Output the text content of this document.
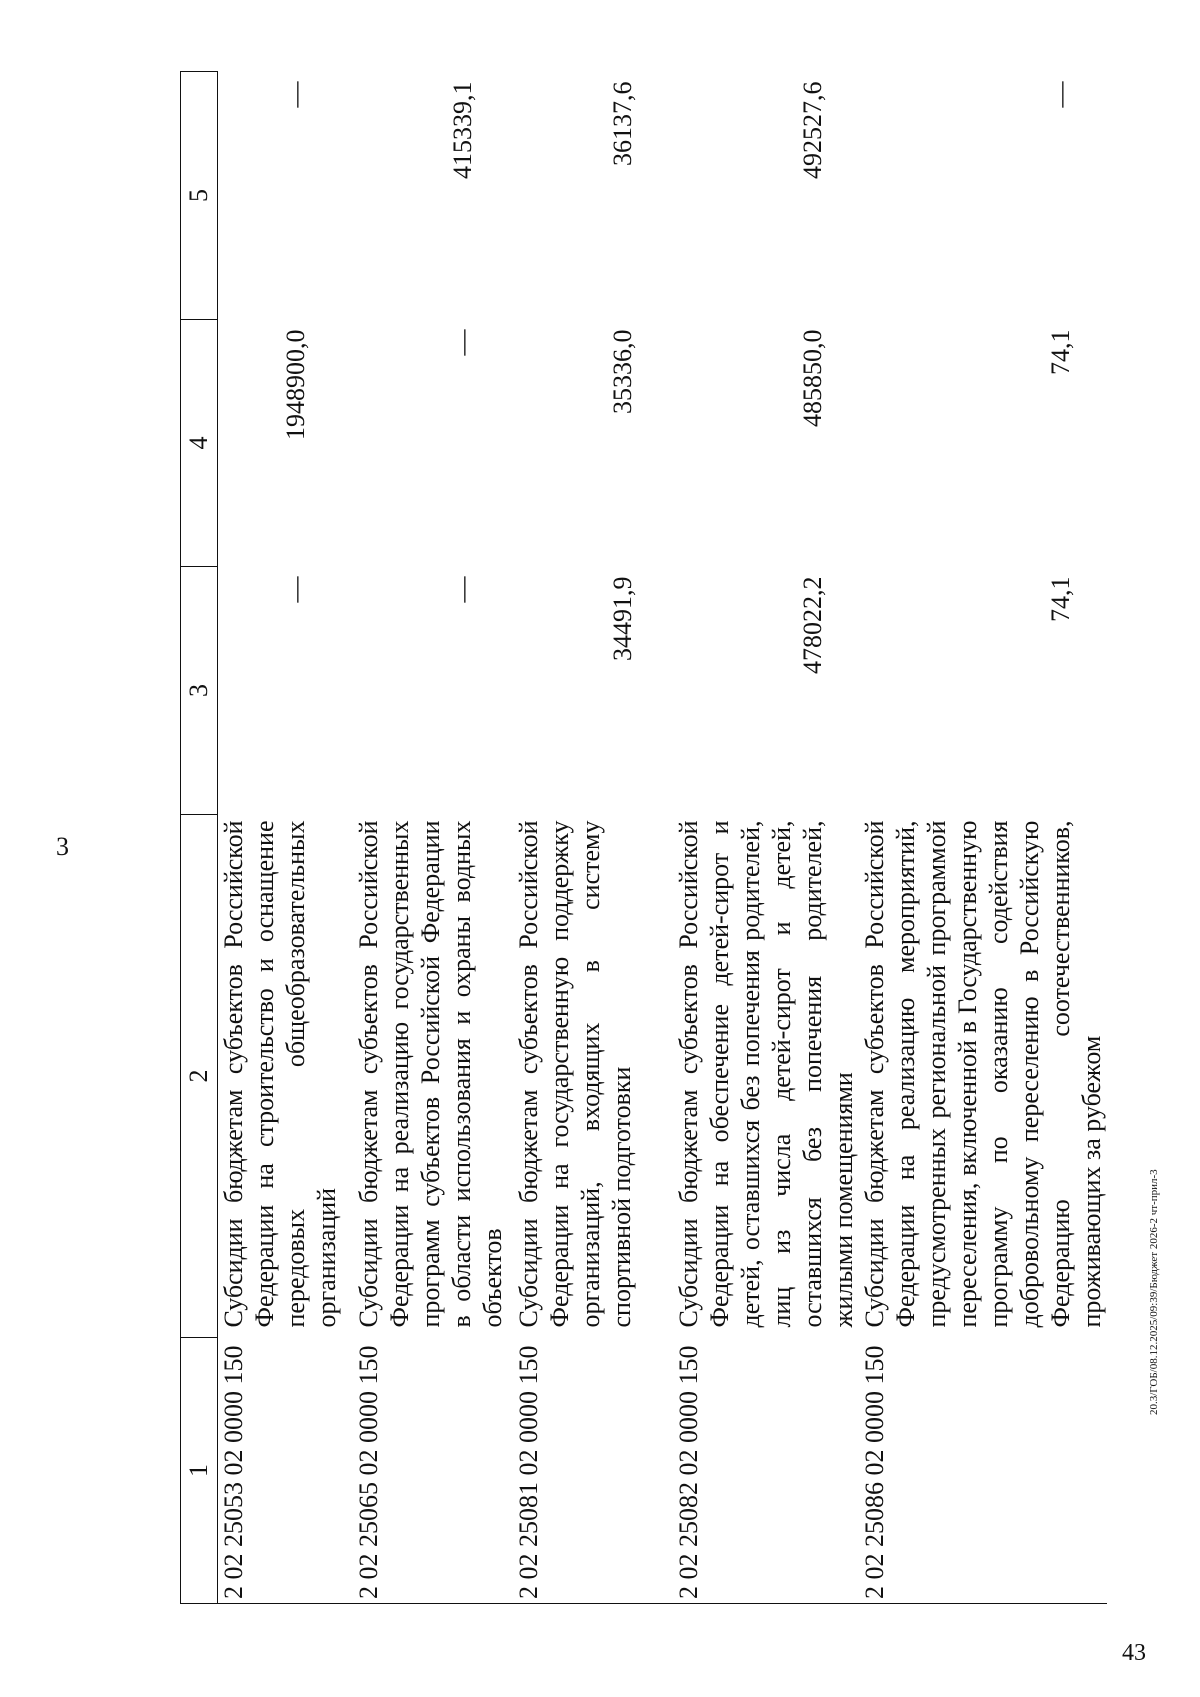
3
43
20.3/ГОБ/08.12.2025/09:39/Бюджет 2026-2 чт-прил-3
1	2	3	4	5
2 02 25053 02 0000 150	Субсидии бюджетам субъектов Российской Федерации на строительство и оснащение передовых общеобразовательных организаций	—	1948900,0	—
2 02 25065 02 0000 150	Субсидии бюджетам субъектов Российской Федерации на реализацию государственных программ субъектов Российской Федерации в области использования и охраны водных объектов	—	—	415339,1
2 02 25081 02 0000 150	Субсидии бюджетам субъектов Российской Федерации на государственную поддержку организаций, входящих в систему спортивной подготовки	34491,9	35336,0	36137,6
2 02 25082 02 0000 150	Субсидии бюджетам субъектов Российской Федерации на обеспечение детей-сирот и детей, оставшихся без попечения родителей, лиц из числа детей-сирот и детей, оставшихся без попечения родителей, жилыми помещениями	478022,2	485850,0	492527,6
2 02 25086 02 0000 150	Субсидии бюджетам субъектов Российской Федерации на реализацию мероприятий, предусмотренных региональной программой переселения, включенной в Государственную программу по оказанию содействия добровольному переселению в Российскую Федерацию соотечественников, проживающих за рубежом	74,1	74,1	—
